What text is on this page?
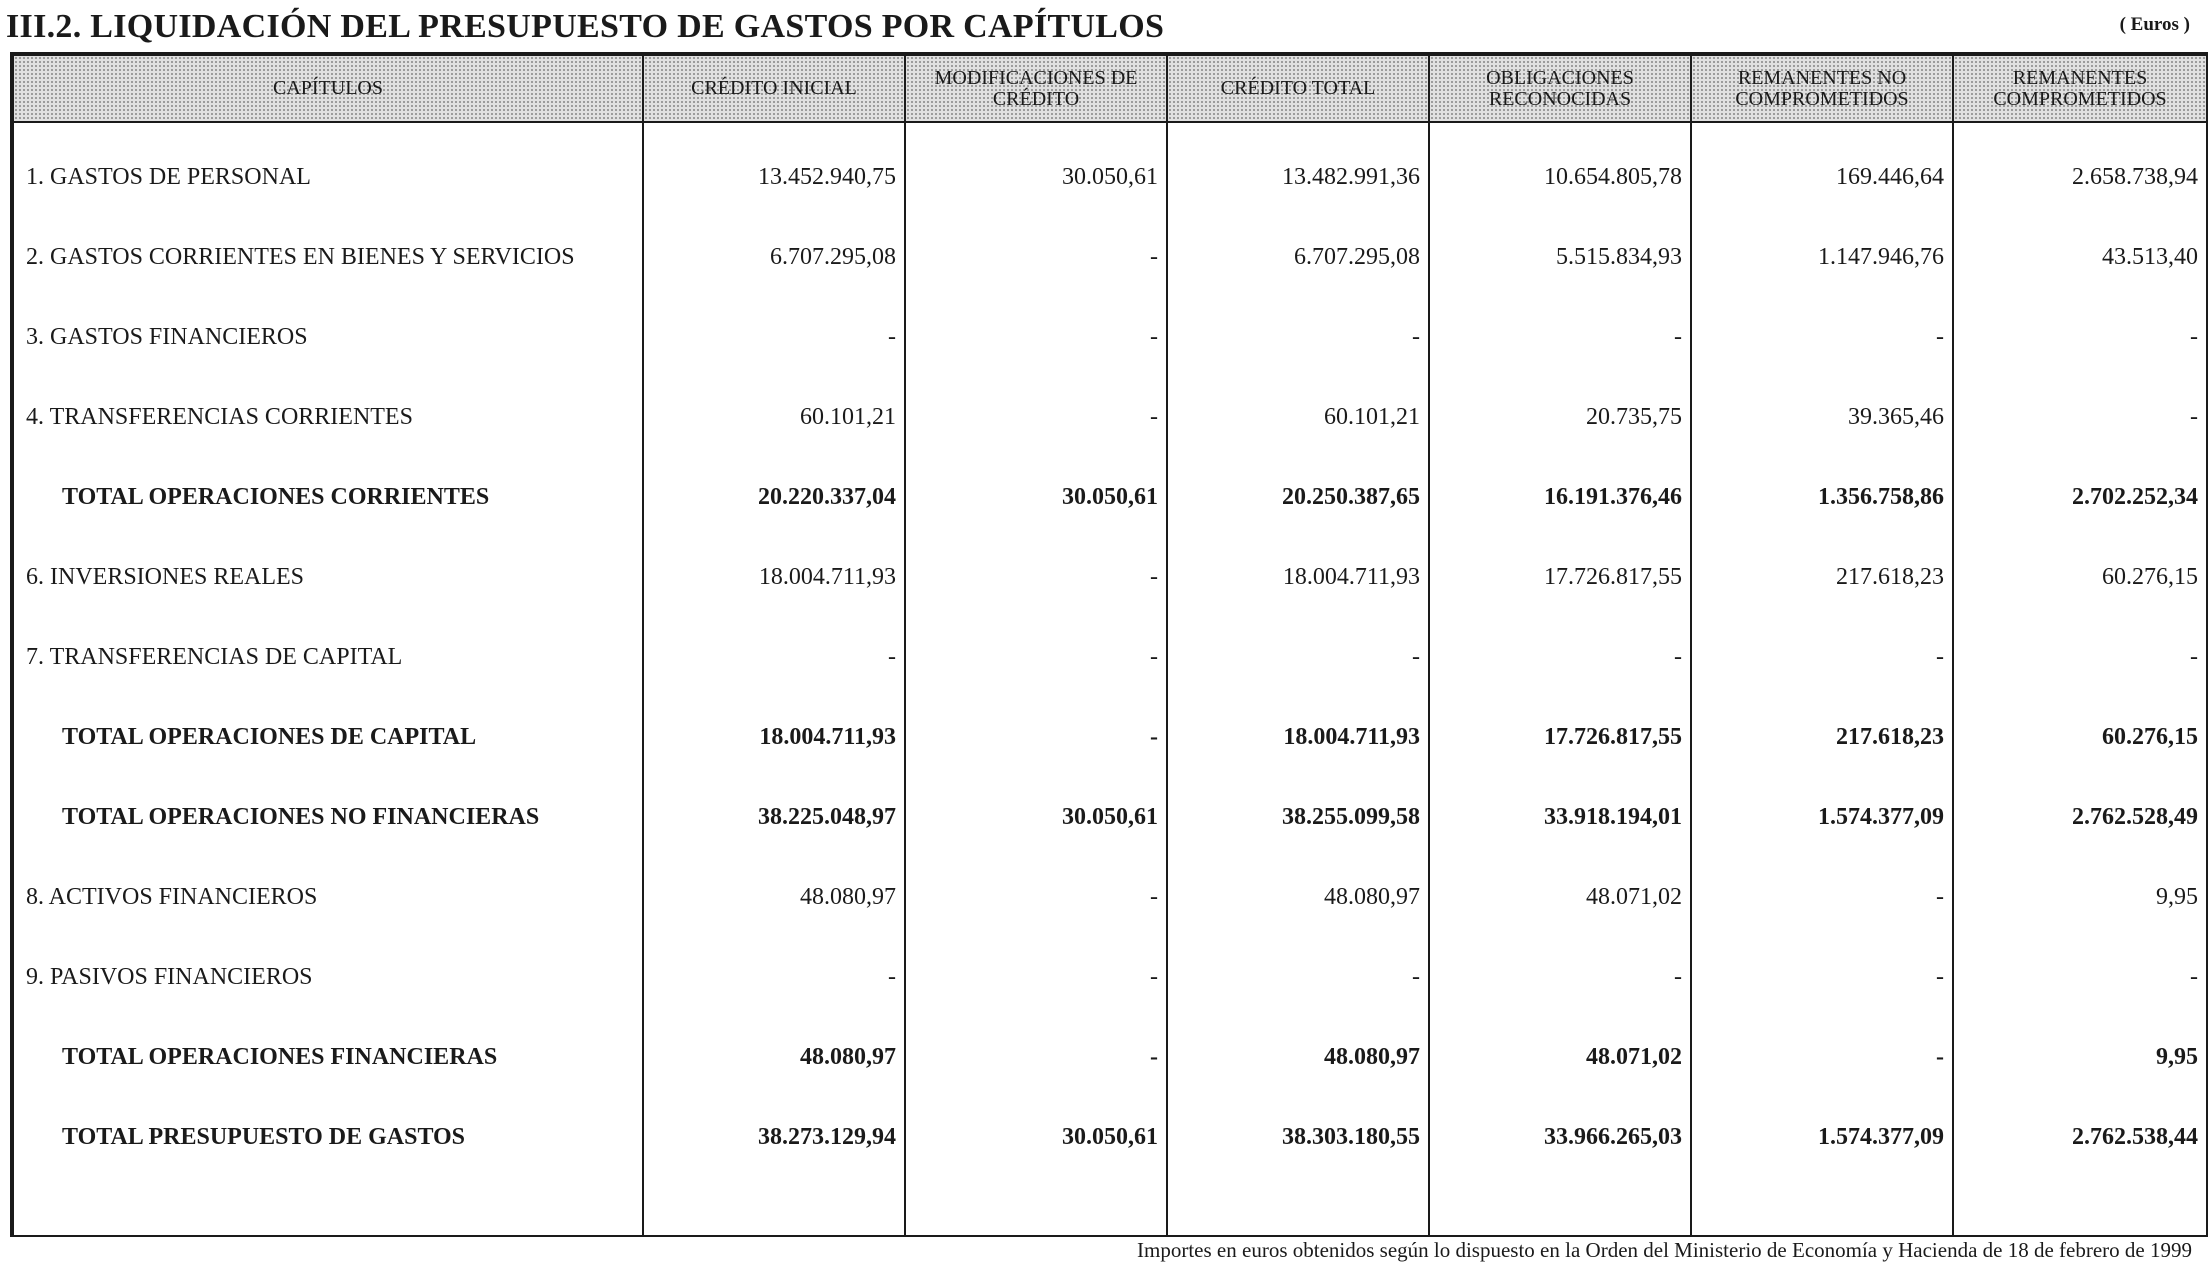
III.2. LIQUIDACIÓN DEL PRESUPUESTO DE GASTOS POR CAPÍTULOS	( Euros )
CAPÍTULOS	CRÉDITO INICIAL	MODIFICACIONES DE CRÉDITO	CRÉDITO TOTAL	OBLIGACIONES RECONOCIDAS	REMANENTES NO COMPROMETIDOS	REMANENTES COMPROMETIDOS
1. GASTOS DE PERSONAL	13.452.940,75	30.050,61	13.482.991,36	10.654.805,78	169.446,64	2.658.738,94
2. GASTOS CORRIENTES EN BIENES Y SERVICIOS	6.707.295,08	-	6.707.295,08	5.515.834,93	1.147.946,76	43.513,40
3. GASTOS FINANCIEROS	-	-	-	-	-	-
4. TRANSFERENCIAS CORRIENTES	60.101,21	-	60.101,21	20.735,75	39.365,46	-
TOTAL OPERACIONES CORRIENTES	20.220.337,04	30.050,61	20.250.387,65	16.191.376,46	1.356.758,86	2.702.252,34
6. INVERSIONES REALES	18.004.711,93	-	18.004.711,93	17.726.817,55	217.618,23	60.276,15
7. TRANSFERENCIAS DE CAPITAL	-	-	-	-	-	-
TOTAL OPERACIONES DE CAPITAL	18.004.711,93	-	18.004.711,93	17.726.817,55	217.618,23	60.276,15
TOTAL OPERACIONES NO FINANCIERAS	38.225.048,97	30.050,61	38.255.099,58	33.918.194,01	1.574.377,09	2.762.528,49
8. ACTIVOS FINANCIEROS	48.080,97	-	48.080,97	48.071,02	-	9,95
9. PASIVOS FINANCIEROS	-	-	-	-	-	-
TOTAL OPERACIONES FINANCIERAS	48.080,97	-	48.080,97	48.071,02	-	9,95
TOTAL PRESUPUESTO DE GASTOS	38.273.129,94	30.050,61	38.303.180,55	33.966.265,03	1.574.377,09	2.762.538,44

Importes en euros obtenidos según lo dispuesto en la Orden del Ministerio de Economía y Hacienda de 18 de febrero de 1999
